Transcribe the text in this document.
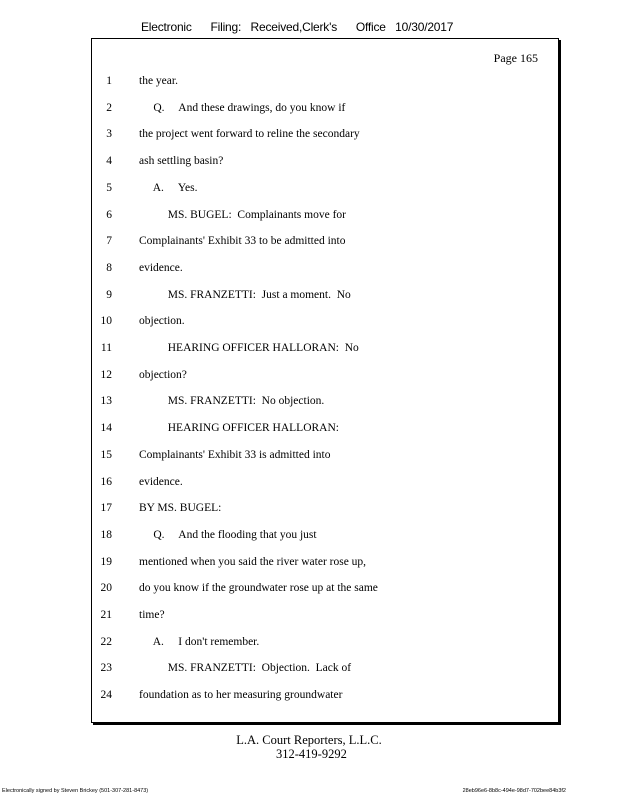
Electronic Filing: Received,Clerk's Office 10/30/2017
Page 165
1 the year.
2 Q.     And these drawings, do you know if
3 the project went forward to reline the secondary
4 ash settling basin?
5 A.     Yes.
6 MS. BUGEL:  Complainants move for
7 Complainants' Exhibit 33 to be admitted into
8 evidence.
9 MS. FRANZETTI:  Just a moment.  No
10 objection.
11 HEARING OFFICER HALLORAN:  No
12 objection?
13 MS. FRANZETTI:  No objection.
14 HEARING OFFICER HALLORAN:
15 Complainants' Exhibit 33 is admitted into
16 evidence.
17 BY MS. BUGEL:
18 Q.     And the flooding that you just
19 mentioned when you said the river water rose up,
20 do you know if the groundwater rose up at the same
21 time?
22 A.     I don't remember.
23 MS. FRANZETTI:  Objection.  Lack of
24 foundation as to her measuring groundwater
L.A. Court Reporters, L.L.C.
312-419-9292
Electronically signed by Steven Brickey (501-307-281-8473)	28eb96e6-8b8c-494e-98d7-702bee84b3f2
